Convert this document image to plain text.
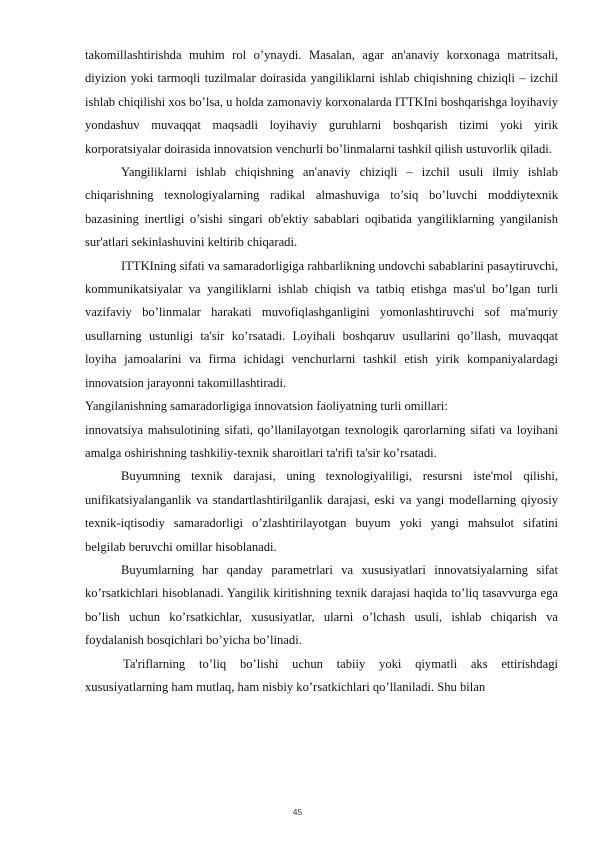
takomillashtirishda muhim rol o’ynaydi. Masalan, agar an'anaviy korxonaga matritsali, diyizion yoki tarmoqli tuzilmalar doirasida yangiliklarni ishlab chiqishning chiziqli – izchil ishlab chiqilishi xos bo’lsa, u holda zamonaviy korxonalarda ITTKIni boshqarishga loyihaviy yondashuv muvaqqat maqsadli loyihaviy guruhlarni boshqarish tizimi yoki yirik korporatsiyalar doirasida innovatsion venchurli bo’linmalarni tashkil qilish ustuvorlik qiladi.

Yangiliklarni ishlab chiqishning an'anaviy chiziqli – izchil usuli ilmiy ishlab chiqarishning texnologiyalarning radikal almashuviga to’siq bo’luvchi moddiytexnik bazasining inertligi o’sishi singari ob'ektiy sabablari oqibatida yangiliklarning yangilanish sur'atlari sekinlashuvini keltirib chiqaradi.

ITTKIning sifati va samaradorligiga rahbarlikning undovchi sabablarini pasaytiruvchi, kommunikatsiyalar va yangiliklarni ishlab chiqish va tatbiq etishga mas'ul bo’lgan turli vazifaviy bo’linmalar harakati muvofiqlashganligini yomonlashtiruvchi sof ma'muriy usullarning ustunligi ta'sir ko’rsatadi. Loyihali boshqaruv usullarini qo’llash, muvaqqat loyiha jamoalarini va firma ichidagi venchurlarni tashkil etish yirik kompaniyalardagi innovatsion jarayonni takomillashtiradi.

Yangilanishning samaradorligiga innovatsion faoliyatning turli omillari:

innovatsiya mahsulotining sifati, qo’llanilayotgan texnologik qarorlarning sifati va loyihani amalga oshirishning tashkiliy-texnik sharoitlari ta'rifi ta'sir ko’rsatadi.

Buyumning texnik darajasi, uning texnologiyaliligi, resursni iste'mol qilishi, unifikatsiyalanganlik va standartlashtirilganlik darajasi, eski va yangi modellarning qiyosiy texnik-iqtisodiy samaradorligi o’zlashtirilayotgan buyum yoki yangi mahsulot sifatini belgilab beruvchi omillar hisoblanadi.

Buyumlarning har qanday parametrlari va xususiyatlari innovatsiyalarning sifat ko’rsatkichlari hisoblanadi. Yangilik kiritishning texnik darajasi haqida to’liq tasavvurga ega bo’lish uchun ko’rsatkichlar, xususiyatlar, ularni o’lchash usuli, ishlab chiqarish va foydalanish bosqichlari bo’yicha bo’linadi.

Ta'riflarning to’liq bo’lishi uchun tabiiy yoki qiymatli aks ettirishdagi xususiyatlarning ham mutlaq, ham nisbiy ko’rsatkichlari qo’llaniladi. Shu bilan

45
